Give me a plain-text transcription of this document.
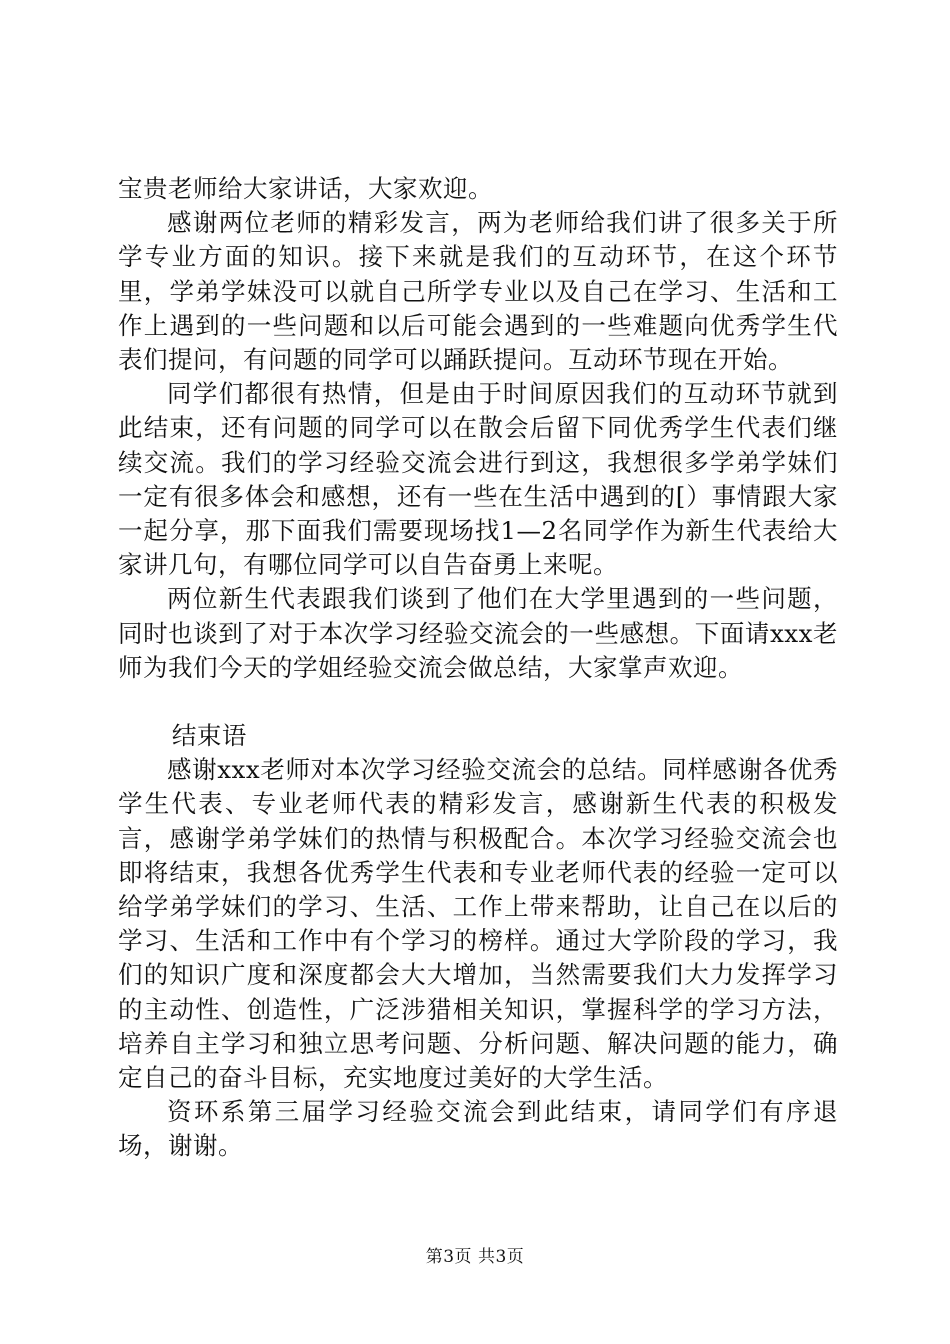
宝贵老师给大家讲话，大家欢迎。

感谢两位老师的精彩发言，两为老师给我们讲了很多关于所学专业方面的知识。接下来就是我们的互动环节，在这个环节里，学弟学妹没可以就自己所学专业以及自己在学习、生活和工作上遇到的一些问题和以后可能会遇到的一些难题向优秀学生代表们提问，有问题的同学可以踊跃提问。互动环节现在开始。

同学们都很有热情，但是由于时间原因我们的互动环节就到此结束，还有问题的同学可以在散会后留下同优秀学生代表们继续交流。我们的学习经验交流会进行到这，我想很多学弟学妹们一定有很多体会和感想，还有一些在生活中遇到的[）事情跟大家一起分享，那下面我们需要现场找1—2名同学作为新生代表给大家讲几句，有哪位同学可以自告奋勇上来呢。

两位新生代表跟我们谈到了他们在大学里遇到的一些问题，同时也谈到了对于本次学习经验交流会的一些感想。下面请xxx老师为我们今天的学姐经验交流会做总结，大家掌声欢迎。

结束语

感谢xxx老师对本次学习经验交流会的总结。同样感谢各优秀学生代表、专业老师代表的精彩发言，感谢新生代表的积极发言，感谢学弟学妹们的热情与积极配合。本次学习经验交流会也即将结束，我想各优秀学生代表和专业老师代表的经验一定可以给学弟学妹们的学习、生活、工作上带来帮助，让自己在以后的学习、生活和工作中有个学习的榜样。通过大学阶段的学习，我们的知识广度和深度都会大大增加，当然需要我们大力发挥学习的主动性、创造性，广泛涉猎相关知识，掌握科学的学习方法，培养自主学习和独立思考问题、分析问题、解决问题的能力，确定自己的奋斗目标，充实地度过美好的大学生活。

资环系第三届学习经验交流会到此结束，请同学们有序退场，谢谢。

第3页 共3页
